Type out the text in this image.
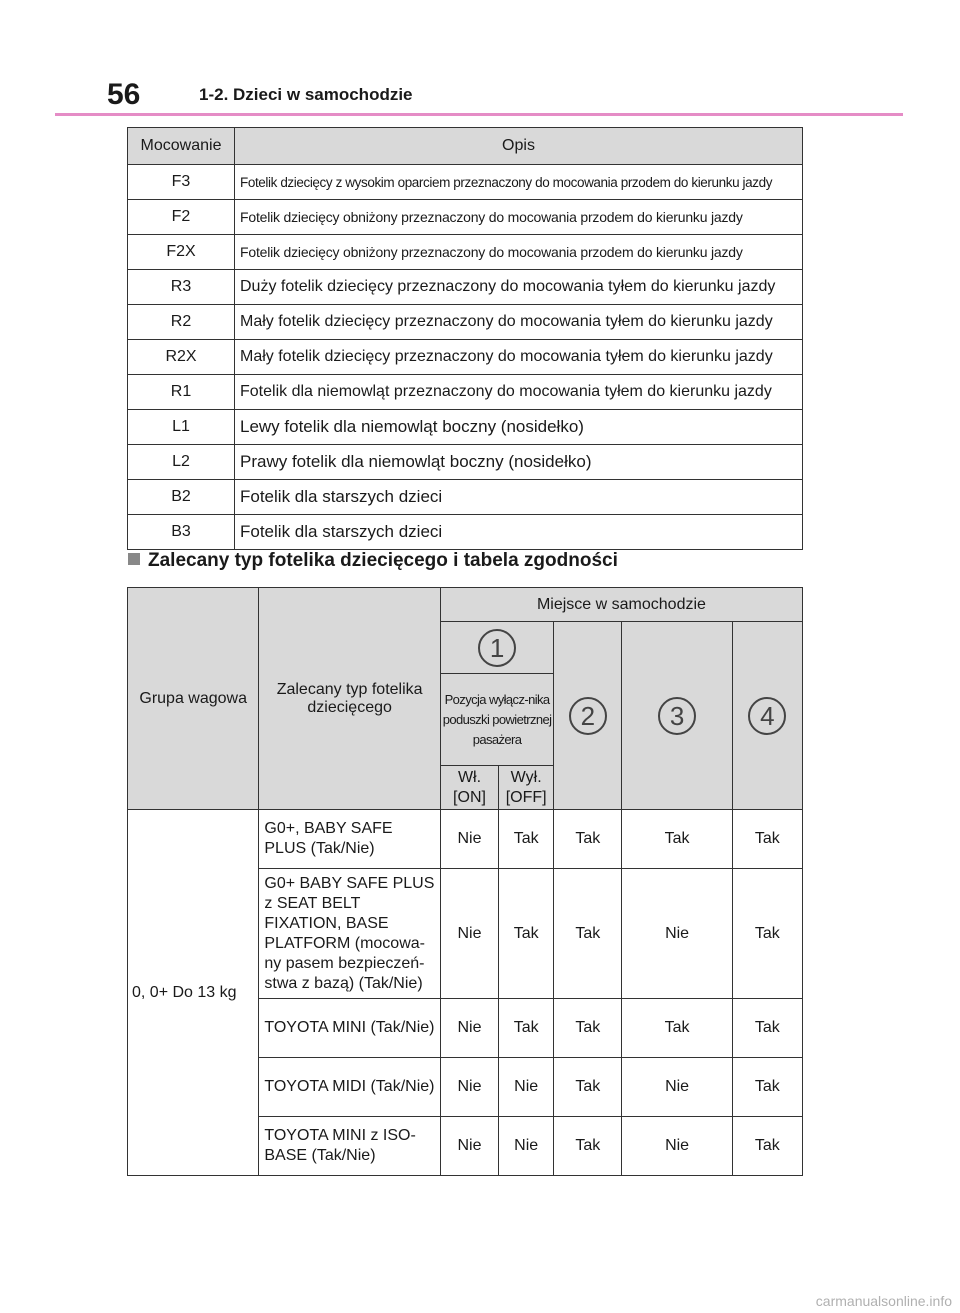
56	1-2. Dzieci w samochodzie
Mocowanie	Opis
F3	Fotelik dziecięcy z wysokim oparciem przeznaczony do mocowania przodem do kierunku jazdy
F2	Fotelik dziecięcy obniżony przeznaczony do mocowania przodem do kierunku jazdy
F2X	Fotelik dziecięcy obniżony przeznaczony do mocowania przodem do kierunku jazdy
R3	Duży fotelik dziecięcy przeznaczony do mocowania tyłem do kierunku jazdy
R2	Mały fotelik dziecięcy przeznaczony do mocowania tyłem do kierunku jazdy
R2X	Mały fotelik dziecięcy przeznaczony do mocowania tyłem do kierunku jazdy
R1	Fotelik dla niemowląt przeznaczony do mocowania tyłem do kierunku jazdy
L1	Lewy fotelik dla niemowląt boczny (nosidełko)
L2	Prawy fotelik dla niemowląt boczny (nosidełko)
B2	Fotelik dla starszych dzieci
B3	Fotelik dla starszych dzieci
Zalecany typ fotelika dziecięcego i tabela zgodności
Grupa wagowa	Zalecany typ fotelika dziecięcego	Miejsce w samochodzie				
		1		2	3	4
		Pozycja wyłącz-nika poduszki powietrznej pasażera				
		Wł. [ON]	Wył. [OFF]			
0, 0+ Do 13 kg	G0+, BABY SAFE PLUS (Tak/Nie)	Nie	Tak	Tak	Tak	Tak
	G0+ BABY SAFE PLUS z SEAT BELT FIXATION, BASE PLATFORM (mocowa-ny pasem bezpieczeń-stwa z bazą) (Tak/Nie)	Nie	Tak	Tak	Nie	Tak
	TOYOTA MINI (Tak/Nie)	Nie	Tak	Tak	Tak	Tak
	TOYOTA MIDI (Tak/Nie)	Nie	Nie	Tak	Nie	Tak
	TOYOTA MINI z ISO-BASE (Tak/Nie)	Nie	Nie	Tak	Nie	Tak
carmanualsonline.info
